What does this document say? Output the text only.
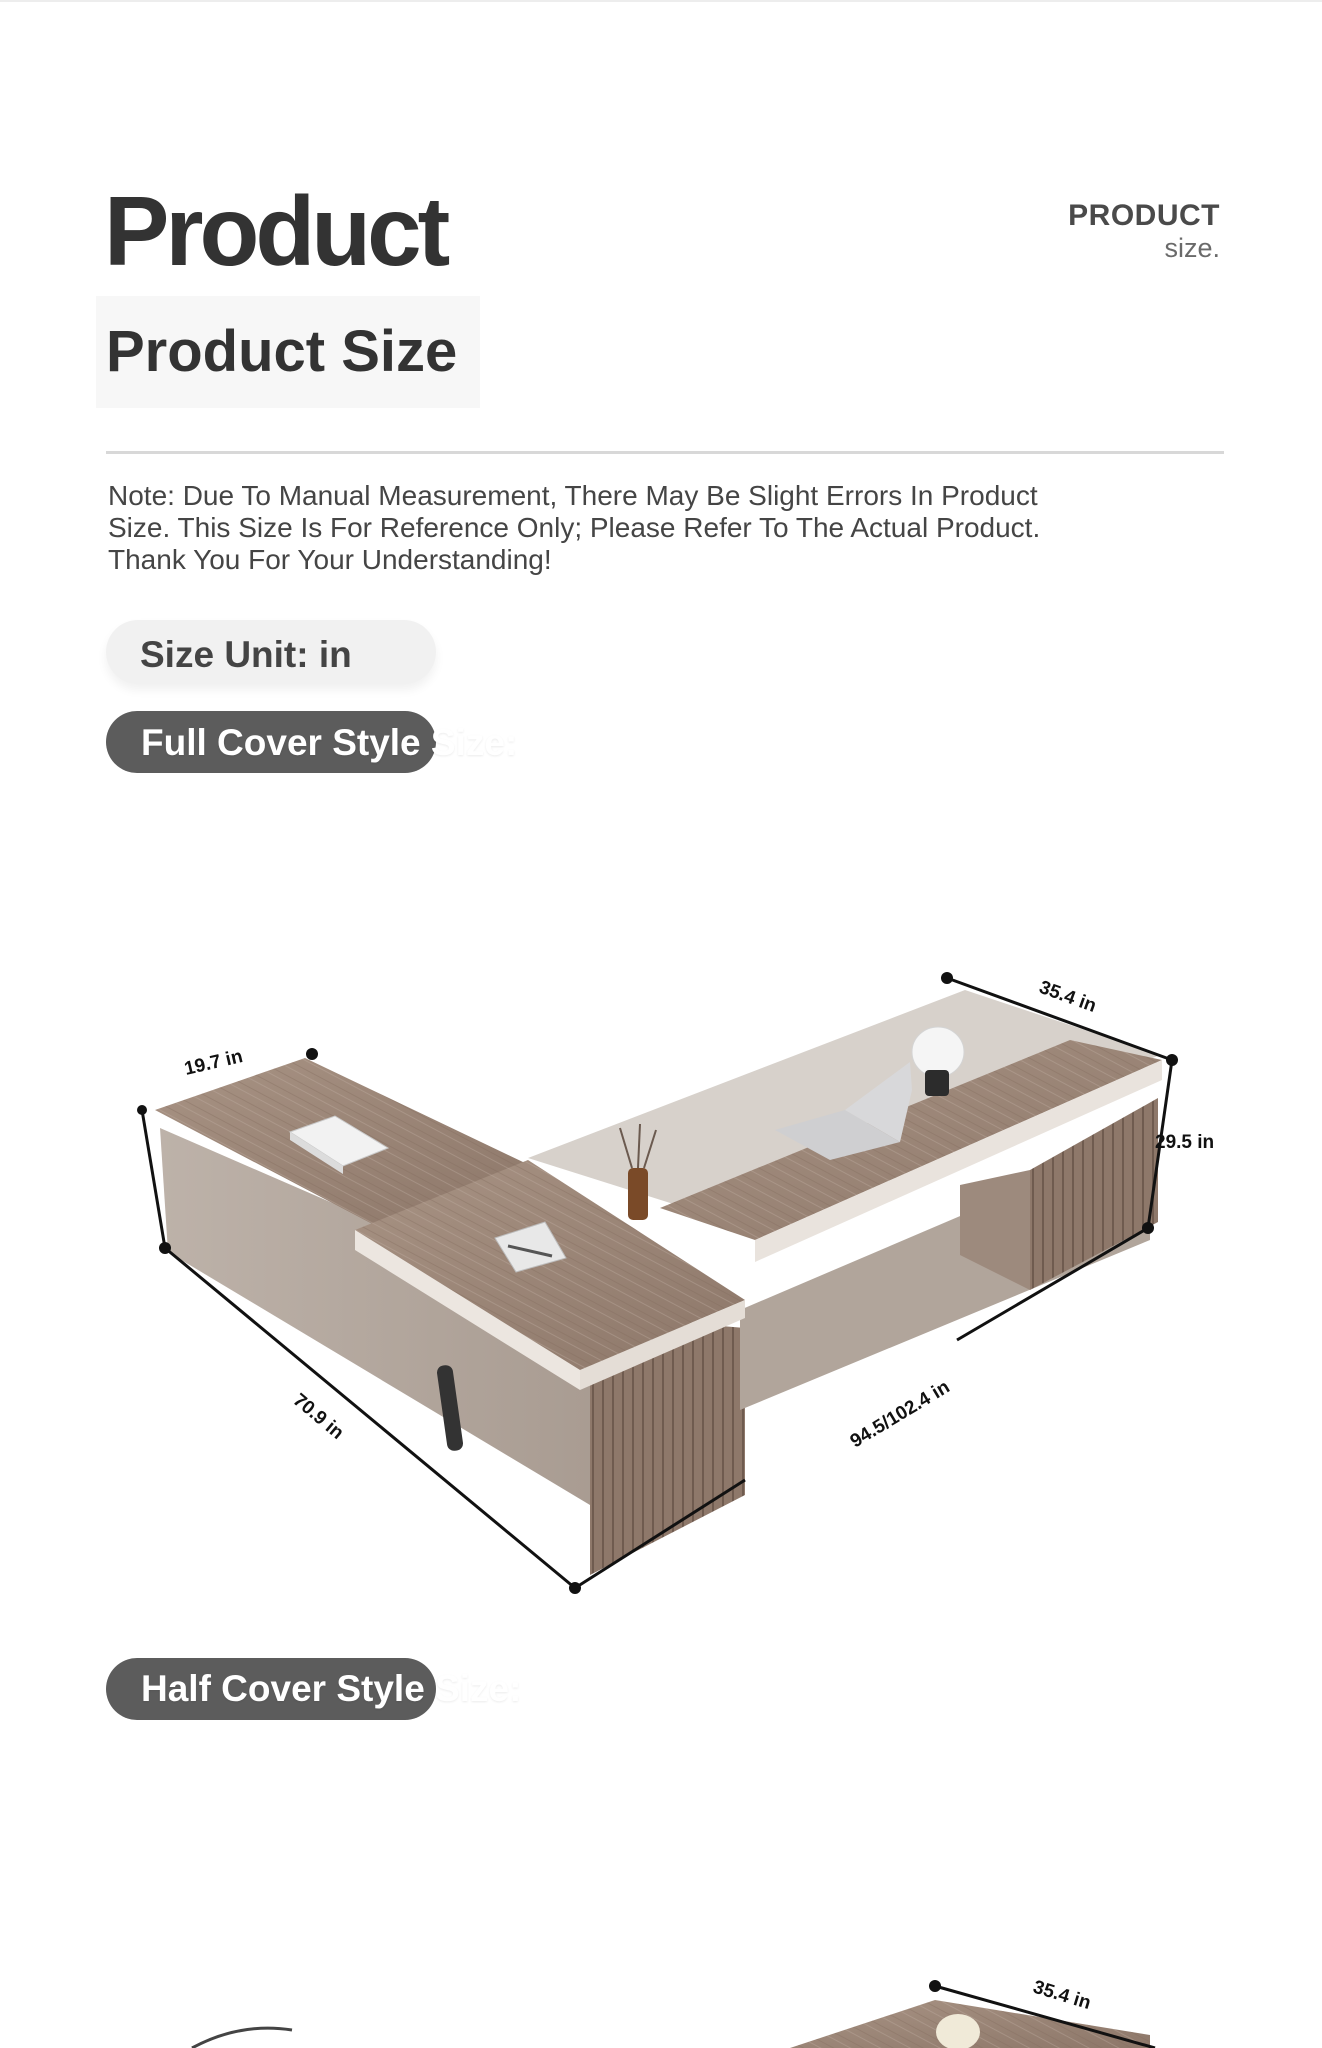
Product	PRODUCT
size.
Product Size
Note: Due To Manual Measurement, There May Be Slight Errors In Product
Size. This Size Is For Reference Only; Please Refer To The Actual Product.
Thank You For Your Understanding!
Size Unit: in
Full Cover Style Size:
19.7 in
35.4 in
29.5 in
70.9 in	94.5/102.4 in
35.4 in
Half Cover Style Size:
